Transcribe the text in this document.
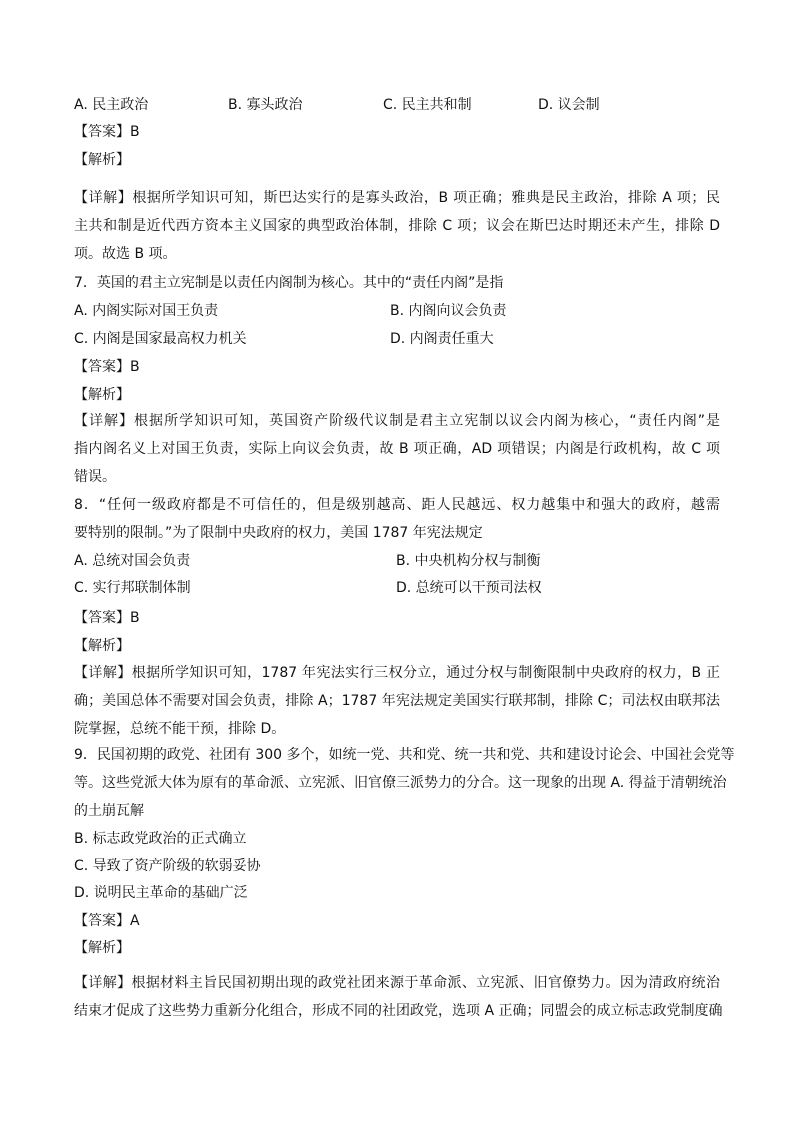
A. 民主政治	B. 寡头政治	C. 民主共和制	D. 议会制
【答案】B
【解析】
【详解】根据所学知识可知，斯巴达实行的是寡头政治，B 项正确；雅典是民主政治，排除 A 项；民
主共和制是近代西方资本主义国家的典型政治体制，排除 C 项；议会在斯巴达时期还未产生，排除 D
项。故选 B 项。
7．英国的君主立宪制是以责任内阁制为核心。其中的“责任内阁”是指
A. 内阁实际对国王负责	B. 内阁向议会负责
C. 内阁是国家最高权力机关	D. 内阁责任重大
【答案】B
【解析】
【详解】根据所学知识可知，英国资产阶级代议制是君主立宪制以议会内阁为核心，“责任内阁”是
指内阁名义上对国王负责，实际上向议会负责，故 B 项正确，AD 项错误；内阁是行政机构，故 C 项
错误。
8．“任何一级政府都是不可信任的，但是级别越高、距人民越远、权力越集中和强大的政府，越需
要特别的限制。”为了限制中央政府的权力，美国 1787 年宪法规定
A. 总统对国会负责	B. 中央机构分权与制衡
C. 实行邦联制体制	D. 总统可以干预司法权
【答案】B
【解析】
【详解】根据所学知识可知，1787 年宪法实行三权分立，通过分权与制衡限制中央政府的权力，B 正
确；美国总体不需要对国会负责，排除 A；1787 年宪法规定美国实行联邦制，排除 C；司法权由联邦法
院掌握，总统不能干预，排除 D。
9．民国初期的政党、社团有 300 多个，如统一党、共和党、统一共和党、共和建设讨论会、中国社会党等
等。这些党派大体为原有的革命派、立宪派、旧官僚三派势力的分合。这一现象的出现 A. 得益于清朝统治
的土崩瓦解
B. 标志政党政治的正式确立
C. 导致了资产阶级的软弱妥协
D. 说明民主革命的基础广泛
【答案】A
【解析】
【详解】根据材料主旨民国初期出现的政党社团来源于革命派、立宪派、旧官僚势力。因为清政府统治
结束才促成了这些势力重新分化组合，形成不同的社团政党，选项 A 正确；同盟会的成立标志政党制度确
